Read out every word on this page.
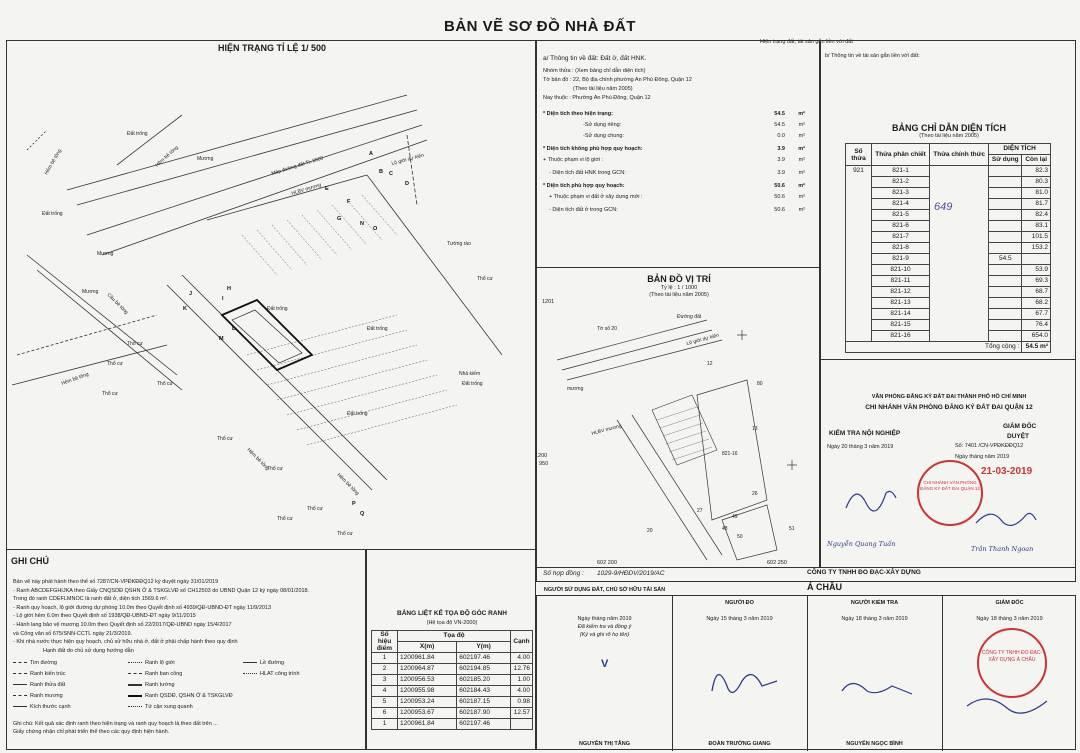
BẢN VẼ SƠ ĐỒ NHÀ ĐẤT
HIỆN TRẠNG TỈ LỆ 1/ 500
Đất trống
Hẻm bê tông
Đất trống
Hẻm bê tông
Mương
Đất trống
Mép đường đất TL 2009	Lộ giới dự kiến
HLBV mương
Đất trống
Mương
Thổ cư
Thổ cư
Thổ cư
Hẻm bê tông
Mương
Đất trống
Thổ cư
Thổ cư
Thổ cư
Đất trống
Thổ cư
Tường rào
Nhà kiếm
Thổ cư
Thổ cư
Thổ cư
Cầu bê tông
Hẻm bê tông
Hẻm bê tông
A
B C
D
E
F
G
H
I
J
K
L
M
N
O
P
Q
GHI CHÚ
Bản vẽ này phát hành theo thể số 7287/CN-VPĐKĐĐQ12 ký duyệt ngày 31/01/2019
- Ranh ABCDEFGHIJKA theo Giấy CNQSDĐ QSHN Ở & TSKGLVĐ số CH12503 do UBND Quận 12 ký ngày 08/01/2018.
Trong đó ranh CDEFLMNOC là ranh đất ở, diện tích 1569.6 m².
- Ranh quy hoạch, lộ giới đường dự phóng 10.0m theo Quyết định số 4939/QĐ-UBND-ĐT ngày 11/9/2013
- Lộ giới hẻm 6.0m theo Quyết định số 1938/QĐ-UBND-ĐT ngày 9/11/2015
- Hành lang bảo vệ mương 10.0m theo Quyết định số 22/2017/QĐ-UBND ngày 15/4/2017
và Công văn số 675/SNN-CCTL ngày 21/3/2019.
- Khi nhà nước thực hiện quy hoạch, chủ sử hữu nhà ở, đất ở phải chấp hành theo quy định
Hạnh đất do chủ sử dụng hướng dẫn
Tim đường	Ranh lộ giới	Lề đường
Ranh kiến trúc	Ranh ban công	HLAT công trình
Ranh thửa đất	Ranh tường
Ranh mương	Ranh QSDĐ, QSHN Ở & TSKGLVĐ
Kích thước cạnh	Tứ cận xung quanh
Ghi chú: Kết quả xác định ranh theo hiện trạng và ranh quy hoạch là theo đất trên ...
Giấy chứng nhận chỉ phát triển thể theo các quy định hiện hành.
BẢNG LIỆT KÊ TỌA ĐỘ GÓC RANH
(Hệ tọa độ VN-2000)
Số hiệu điểm	Tọa độ		Cạnh
	X(m)	Y(m)	
1	1200961.84	602197.46	4.00
2	1200964.87	602194.85	12.76
3	1200956.53	602185.20	1.00
4	1200955.98	602184.43	4.00
5	1200953.24	602187.15	0.98
6	1200953.67	602187.90	12.57
1	1200961.84	602197.46	
a/ Thông tin về đất: Đất ở, đất HNK.
Nhóm thửa : (Xem bảng chỉ dẫn diện tích)
Tờ bản đồ : 22, Bộ địa chính phường An Phú Đông, Quận 12
(Theo tài liệu năm 2005)
Nay thuộc : Phường An Phú Đông, Quận 12
* Diện tích theo hiện trạng:	54.5 m²
-Sử dụng riêng:	54.5 m²
-Sử dụng chung:	0.0 m²
* Diện tích không phù hợp quy hoạch:	3.9 m²
+ Thuộc phạm vi lộ giới :	3.9 m²
- Diện tích đất HNK trong GCN:	3.9 m²
* Diện tích phù hợp quy hoạch:	50.6 m²
+ Thuộc phạm vi đất ở xây dựng mới :	50.6 m²
- Diện tích đất ở trong GCN:	50.6 m²
Hiện trạng đất, tài sản gắn liền với đất
BẢN ĐỒ VỊ TRÍ
Tỷ lệ : 1 / 1000
(Theo tài liệu năm 2005)
Tờ số 20
Đường đất
Lộ giới dự kiến
mương
HLBV mương
821-16
80
13
26
27
49
48
50
20	51
12
1201
1200
950
602 200	602 250
b/ Thông tin về tài sản gắn liền với đất:
BẢNG CHỈ DẪN DIỆN TÍCH
(Theo tài liệu năm 2005)
Số thửa	Thửa phân chiết	Thửa chính thức	DIỆN TÍCH	
			Sử dụng	Còn lại
921	821-1	649		82.3
	821-2			80.3
	821-3			81.0
	821-4			81.7
	821-5			82.4
	821-6			83.1
	821-7			101.5
	821-8			153.2
	821-9		54.5	
	821-10			53.9
	821-11			69.3
	821-12			68.7
	821-13			68.2
	821-14			67.7
	821-15			76.4
	821-16			654.0
Tổng cộng :				54.5 m²
VĂN PHÒNG ĐĂNG KÝ ĐẤT ĐAI THÀNH PHỐ HỒ CHÍ MINH
CHI NHÁNH VĂN PHÒNG ĐĂNG KÝ ĐẤT ĐAI QUẬN 12
KIỂM TRA NỘI NGHIỆP
Ngày 20 tháng 3 năm 2019
GIÁM ĐỐC
DUYỆT
Số: 7401 /CN-VPĐKĐĐQ12
Ngày tháng năm 2019
21-03-2019
CHI NHÁNH VĂN PHÒNG ĐĂNG KÝ ĐẤT ĐAI QUẬN 12
Nguyễn Quang Tuấn
Trần Thanh Ngoan
Số hợp đồng : 1029-9/HĐDV/2019/AC	CÔNG TY TNHH ĐO ĐẠC-XÂY DỰNG
Á CHÂU
NGƯỜI SỬ DỤNG ĐẤT, CHỦ SỞ HỮU TÀI SẢN
Ngày tháng năm 2019
Đã kiểm tra và đồng ý
(Ký và ghi rõ họ tên)
V
NGUYỄN THỊ TĂNG
NGƯỜI ĐO
Ngày 15 tháng 3 năm 2019
ĐOÀN TRƯỜNG GIANG
NGƯỜI KIỂM TRA
Ngày 18 tháng 3 năm 2019
NGUYỄN NGỌC BÌNH
GIÁM ĐỐC
Ngày 18 tháng 3 năm 2019
CÔNG TY TNHH ĐO ĐẠC-XÂY DỰNG Á CHÂU
